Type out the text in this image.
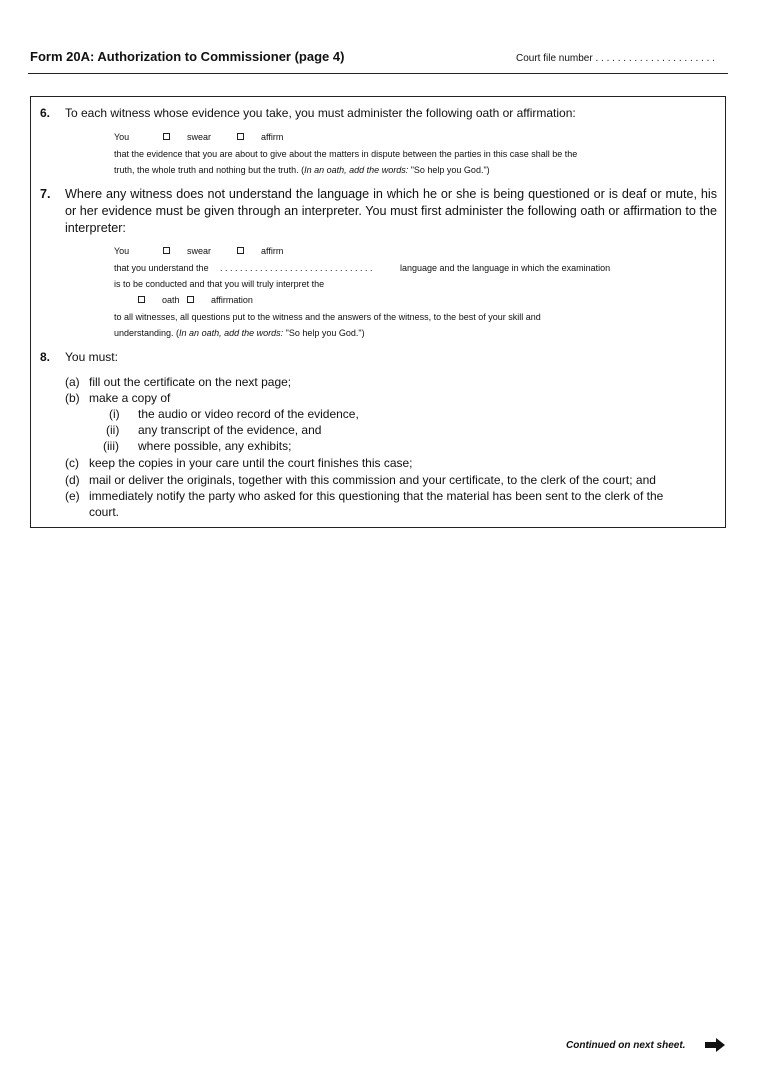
Form 20A: Authorization to Commissioner (page 4)	Court file number . . . . . . . . . . . . . . . . . . . . . .
6. To each witness whose evidence you take, you must administer the following oath or affirmation:
You	swear	affirm
that the evidence that you are about to give about the matters in dispute between the parties in this case shall be the
truth, the whole truth and nothing but the truth. (In an oath, add the words: "So help you God.")
7. Where any witness does not understand the language in which he or she is being questioned or is deaf or mute, his or her evidence must be given through an interpreter. You must first administer the following oath or affirmation to the interpreter:
You	swear	affirm
that you understand the . . . . . . . . . . . . . . . . . . . . . . . . . . . . . . .	language and the language in which the examination
is to be conducted and that you will truly interpret the
oath	affirmation
to all witnesses, all questions put to the witness and the answers of the witness, to the best of your skill and
understanding. (In an oath, add the words: "So help you God.")
8. You must:
(a) fill out the certificate on the next page;
(b) make a copy of
(i) the audio or video record of the evidence,
(ii) any transcript of the evidence, and
(iii) where possible, any exhibits;
(c) keep the copies in your care until the court finishes this case;
(d) mail or deliver the originals, together with this commission and your certificate, to the clerk of the court; and
(e) immediately notify the party who asked for this questioning that the material has been sent to the clerk of the
court.
Continued on next sheet.
